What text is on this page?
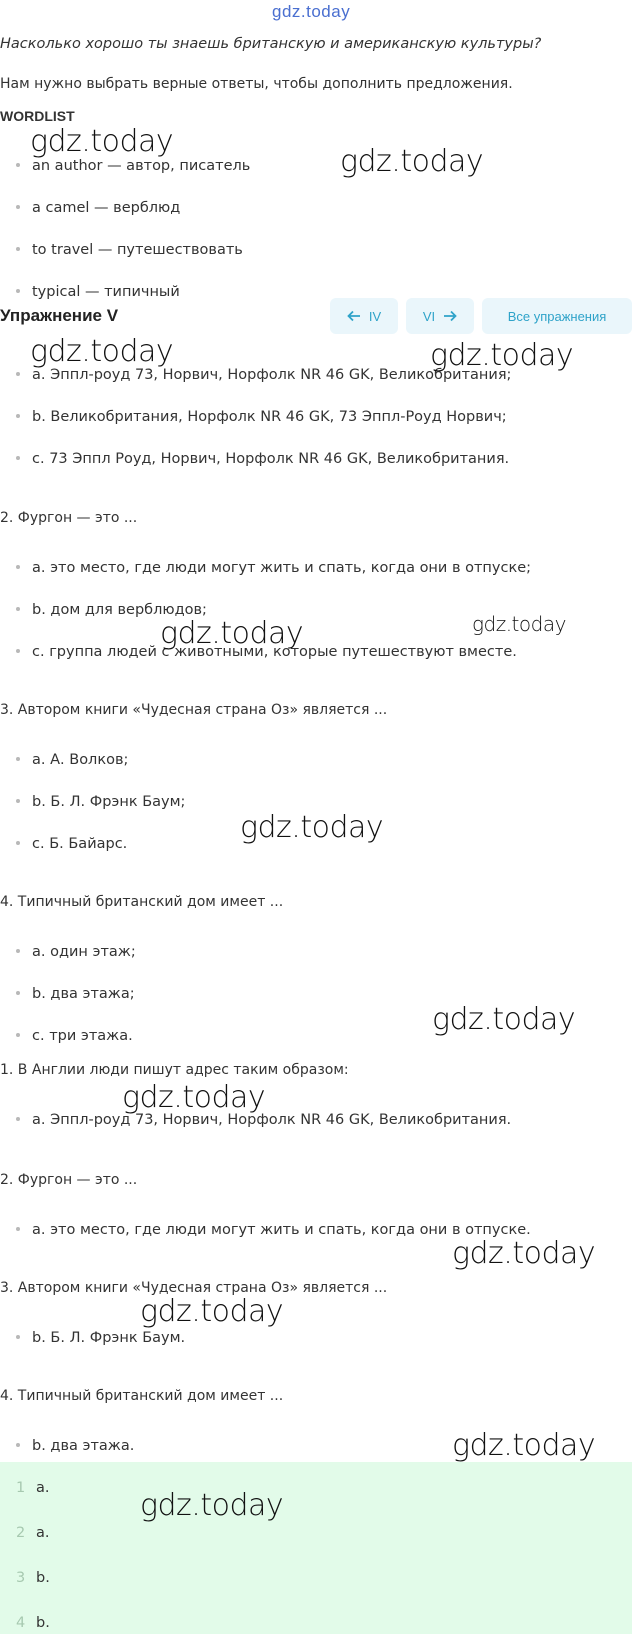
gdz.today
Насколько хорошо ты знаешь британскую и американскую культуры?
Нам нужно выбрать верные ответы, чтобы дополнить предложения.
WORDLIST
an author — автор, писатель
a camel — верблюд
to travel — путешествовать
typical — типичный
Упражнение V	IV	VI	Все упражнения
a. Эппл-роуд 73, Норвич, Норфолк NR 46 GK, Великобритания;
b. Великобритания, Норфолк NR 46 GK, 73 Эппл-Роуд Норвич;
c. 73 Эппл Роуд, Норвич, Норфолк NR 46 GK, Великобритания.
2. Фургон — это ...
a. это место, где люди могут жить и спать, когда они в отпуске;
b. дом для верблюдов;
c. группа людей с животными, которые путешествуют вместе.
3. Автором книги «Чудесная страна Оз» является ...
a. А. Волков;
b. Б. Л. Фрэнк Баум;
c. Б. Байарс.
4. Типичный британский дом имеет ...
a. один этаж;
b. два этажа;
c. три этажа.
1. В Англии люди пишут адрес таким образом:
a. Эппл-роуд 73, Норвич, Норфолк NR 46 GK, Великобритания.
2. Фургон — это ...
a. это место, где люди могут жить и спать, когда они в отпуске.
3. Автором книги «Чудесная страна Оз» является ...
b. Б. Л. Фрэнк Баум.
4. Типичный британский дом имеет ...
b. два этажа.
1 a.
2 a.
3 b.
4 b.
gdz.today
gdz.today
gdz.today	gdz.today
gdz.today	gdz.today
gdz.today
gdz.today
gdz.today
gdz.today
gdz.today
gdz.today
gdz.today
